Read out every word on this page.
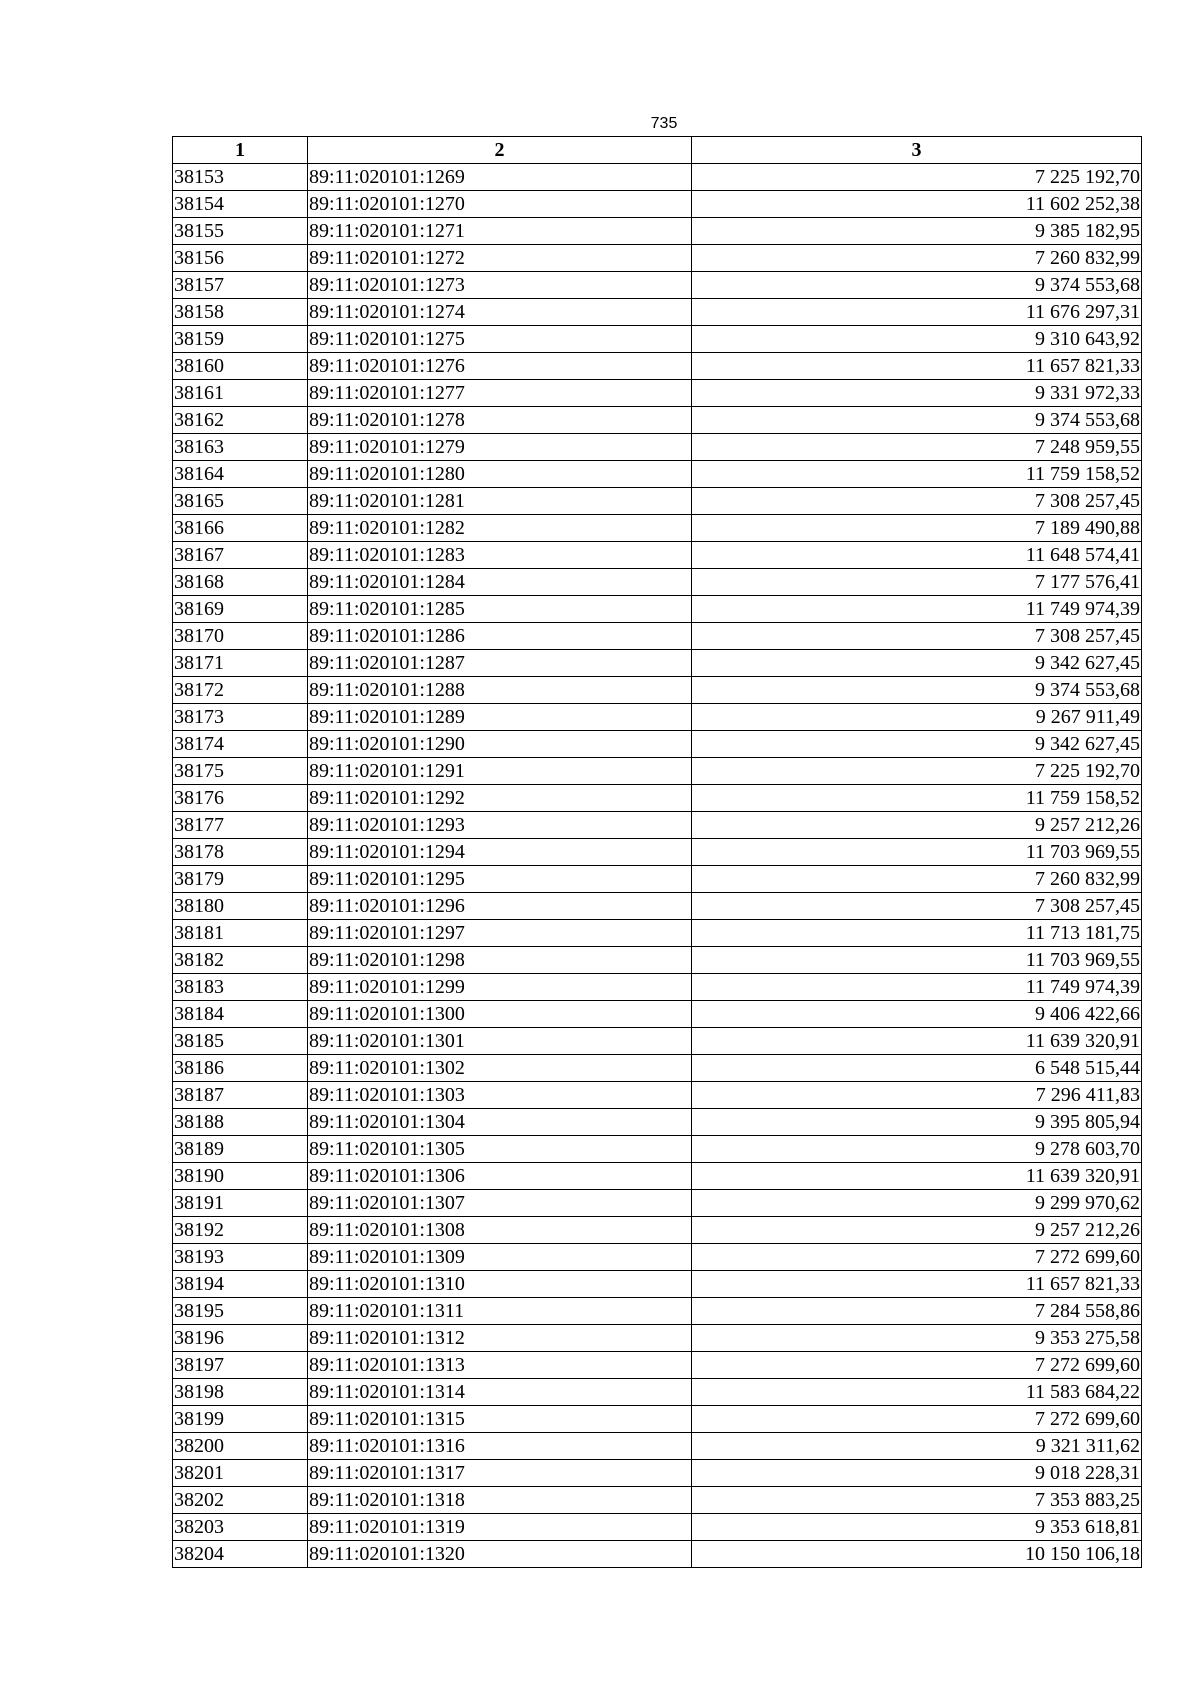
735
1	2	3
38153	89:11:020101:1269	7 225 192,70
38154	89:11:020101:1270	11 602 252,38
38155	89:11:020101:1271	9 385 182,95
38156	89:11:020101:1272	7 260 832,99
38157	89:11:020101:1273	9 374 553,68
38158	89:11:020101:1274	11 676 297,31
38159	89:11:020101:1275	9 310 643,92
38160	89:11:020101:1276	11 657 821,33
38161	89:11:020101:1277	9 331 972,33
38162	89:11:020101:1278	9 374 553,68
38163	89:11:020101:1279	7 248 959,55
38164	89:11:020101:1280	11 759 158,52
38165	89:11:020101:1281	7 308 257,45
38166	89:11:020101:1282	7 189 490,88
38167	89:11:020101:1283	11 648 574,41
38168	89:11:020101:1284	7 177 576,41
38169	89:11:020101:1285	11 749 974,39
38170	89:11:020101:1286	7 308 257,45
38171	89:11:020101:1287	9 342 627,45
38172	89:11:020101:1288	9 374 553,68
38173	89:11:020101:1289	9 267 911,49
38174	89:11:020101:1290	9 342 627,45
38175	89:11:020101:1291	7 225 192,70
38176	89:11:020101:1292	11 759 158,52
38177	89:11:020101:1293	9 257 212,26
38178	89:11:020101:1294	11 703 969,55
38179	89:11:020101:1295	7 260 832,99
38180	89:11:020101:1296	7 308 257,45
38181	89:11:020101:1297	11 713 181,75
38182	89:11:020101:1298	11 703 969,55
38183	89:11:020101:1299	11 749 974,39
38184	89:11:020101:1300	9 406 422,66
38185	89:11:020101:1301	11 639 320,91
38186	89:11:020101:1302	6 548 515,44
38187	89:11:020101:1303	7 296 411,83
38188	89:11:020101:1304	9 395 805,94
38189	89:11:020101:1305	9 278 603,70
38190	89:11:020101:1306	11 639 320,91
38191	89:11:020101:1307	9 299 970,62
38192	89:11:020101:1308	9 257 212,26
38193	89:11:020101:1309	7 272 699,60
38194	89:11:020101:1310	11 657 821,33
38195	89:11:020101:1311	7 284 558,86
38196	89:11:020101:1312	9 353 275,58
38197	89:11:020101:1313	7 272 699,60
38198	89:11:020101:1314	11 583 684,22
38199	89:11:020101:1315	7 272 699,60
38200	89:11:020101:1316	9 321 311,62
38201	89:11:020101:1317	9 018 228,31
38202	89:11:020101:1318	7 353 883,25
38203	89:11:020101:1319	9 353 618,81
38204	89:11:020101:1320	10 150 106,18
